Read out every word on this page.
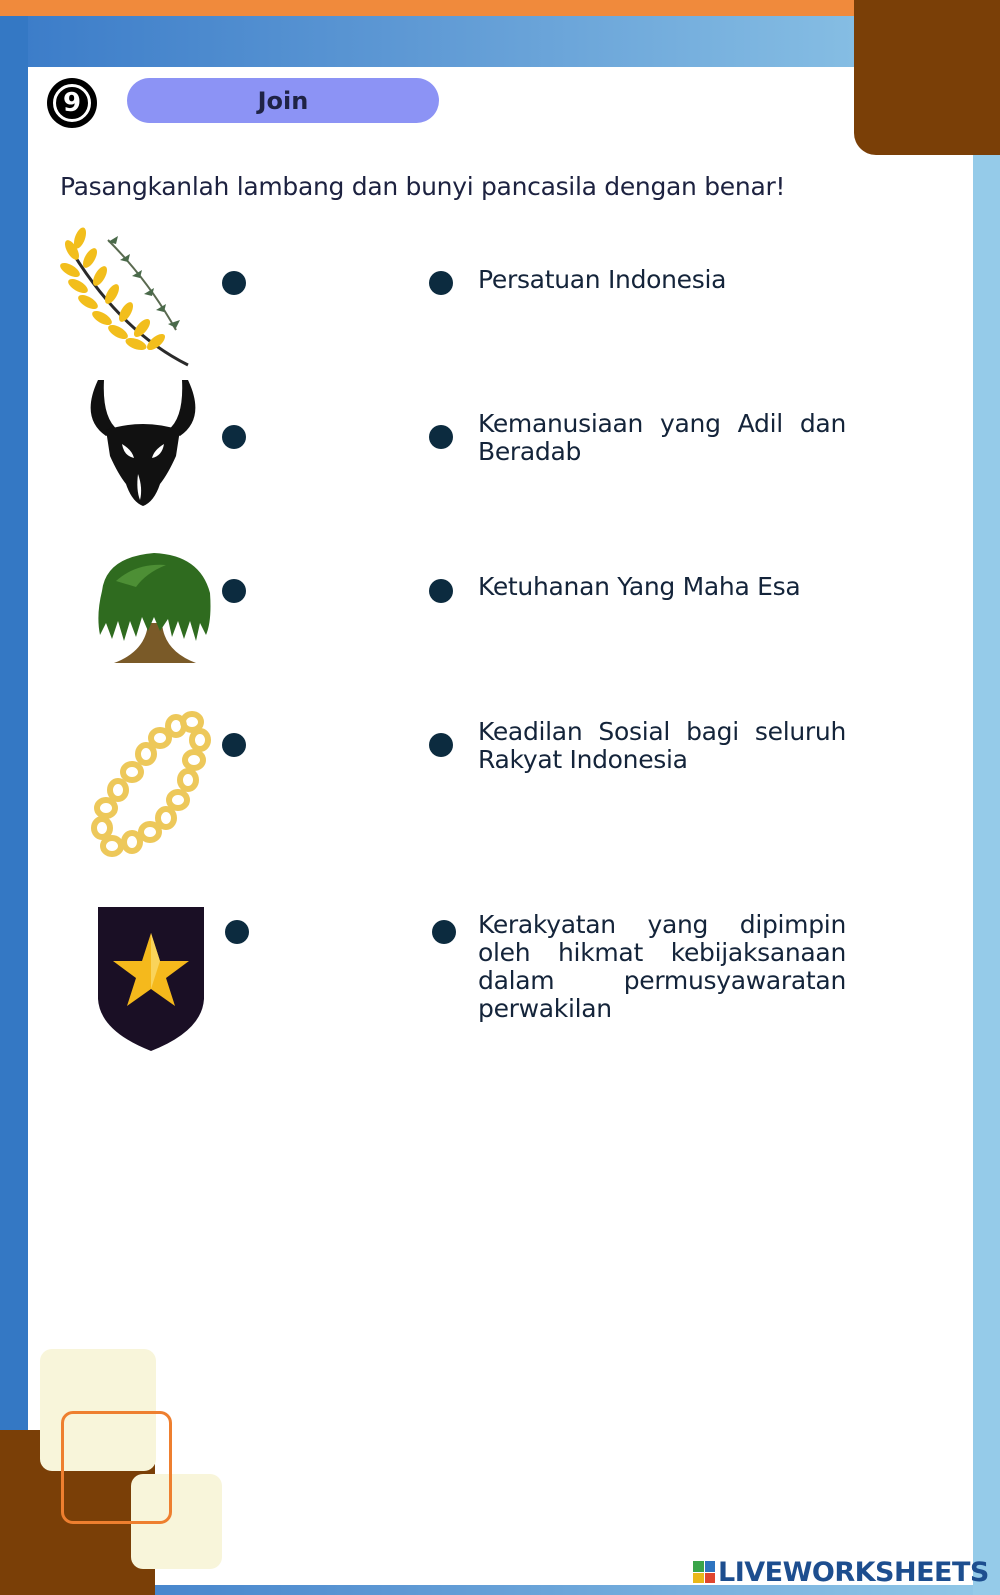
9	Join
Pasangkanlah lambang dan bunyi pancasila dengan benar!
Persatuan Indonesia
Kemanusiaan yang Adil dan Beradab
Ketuhanan Yang Maha Esa
Keadilan Sosial bagi seluruh Rakyat Indonesia
Kerakyatan yang dipimpin oleh hikmat kebijaksanaan dalam permusyawaratan perwakilan
LIVEWORKSHEETS
